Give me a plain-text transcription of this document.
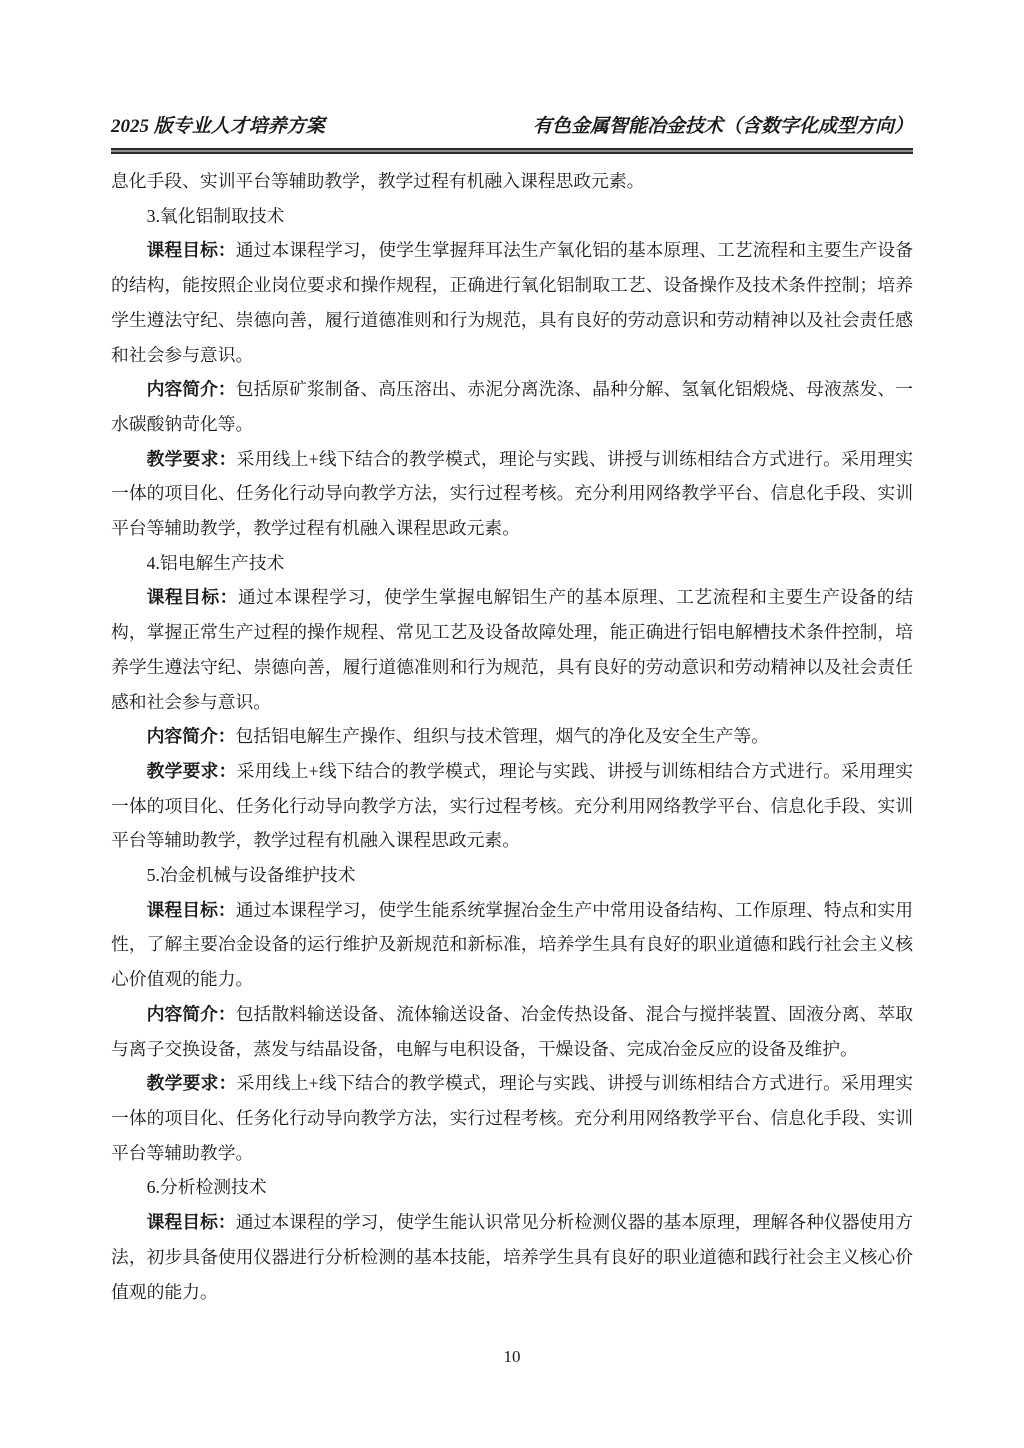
2025 版专业人才培养方案	有色金属智能冶金技术（含数字化成型方向）

息化手段、实训平台等辅助教学，教学过程有机融入课程思政元素。

3.氧化铝制取技术

课程目标：通过本课程学习，使学生掌握拜耳法生产氧化铝的基本原理、工艺流程和主要生产设备的结构，能按照企业岗位要求和操作规程，正确进行氧化铝制取工艺、设备操作及技术条件控制；培养学生遵法守纪、崇德向善，履行道德准则和行为规范，具有良好的劳动意识和劳动精神以及社会责任感和社会参与意识。

内容简介：包括原矿浆制备、高压溶出、赤泥分离洗涤、晶种分解、氢氧化铝煅烧、母液蒸发、一水碳酸钠苛化等。

教学要求：采用线上+线下结合的教学模式，理论与实践、讲授与训练相结合方式进行。采用理实一体的项目化、任务化行动导向教学方法，实行过程考核。充分利用网络教学平台、信息化手段、实训平台等辅助教学，教学过程有机融入课程思政元素。

4.铝电解生产技术

课程目标：通过本课程学习，使学生掌握电解铝生产的基本原理、工艺流程和主要生产设备的结构，掌握正常生产过程的操作规程、常见工艺及设备故障处理，能正确进行铝电解槽技术条件控制，培养学生遵法守纪、崇德向善，履行道德准则和行为规范，具有良好的劳动意识和劳动精神以及社会责任感和社会参与意识。

内容简介：包括铝电解生产操作、组织与技术管理，烟气的净化及安全生产等。

教学要求：采用线上+线下结合的教学模式，理论与实践、讲授与训练相结合方式进行。采用理实一体的项目化、任务化行动导向教学方法，实行过程考核。充分利用网络教学平台、信息化手段、实训平台等辅助教学，教学过程有机融入课程思政元素。

5.冶金机械与设备维护技术

课程目标：通过本课程学习，使学生能系统掌握冶金生产中常用设备结构、工作原理、特点和实用性，了解主要冶金设备的运行维护及新规范和新标准，培养学生具有良好的职业道德和践行社会主义核心价值观的能力。

内容简介：包括散料输送设备、流体输送设备、冶金传热设备、混合与搅拌装置、固液分离、萃取与离子交换设备，蒸发与结晶设备，电解与电积设备，干燥设备、完成冶金反应的设备及维护。

教学要求：采用线上+线下结合的教学模式，理论与实践、讲授与训练相结合方式进行。采用理实一体的项目化、任务化行动导向教学方法，实行过程考核。充分利用网络教学平台、信息化手段、实训平台等辅助教学。

6.分析检测技术

课程目标：通过本课程的学习，使学生能认识常见分析检测仪器的基本原理，理解各种仪器使用方法，初步具备使用仪器进行分析检测的基本技能，培养学生具有良好的职业道德和践行社会主义核心价值观的能力。

10
